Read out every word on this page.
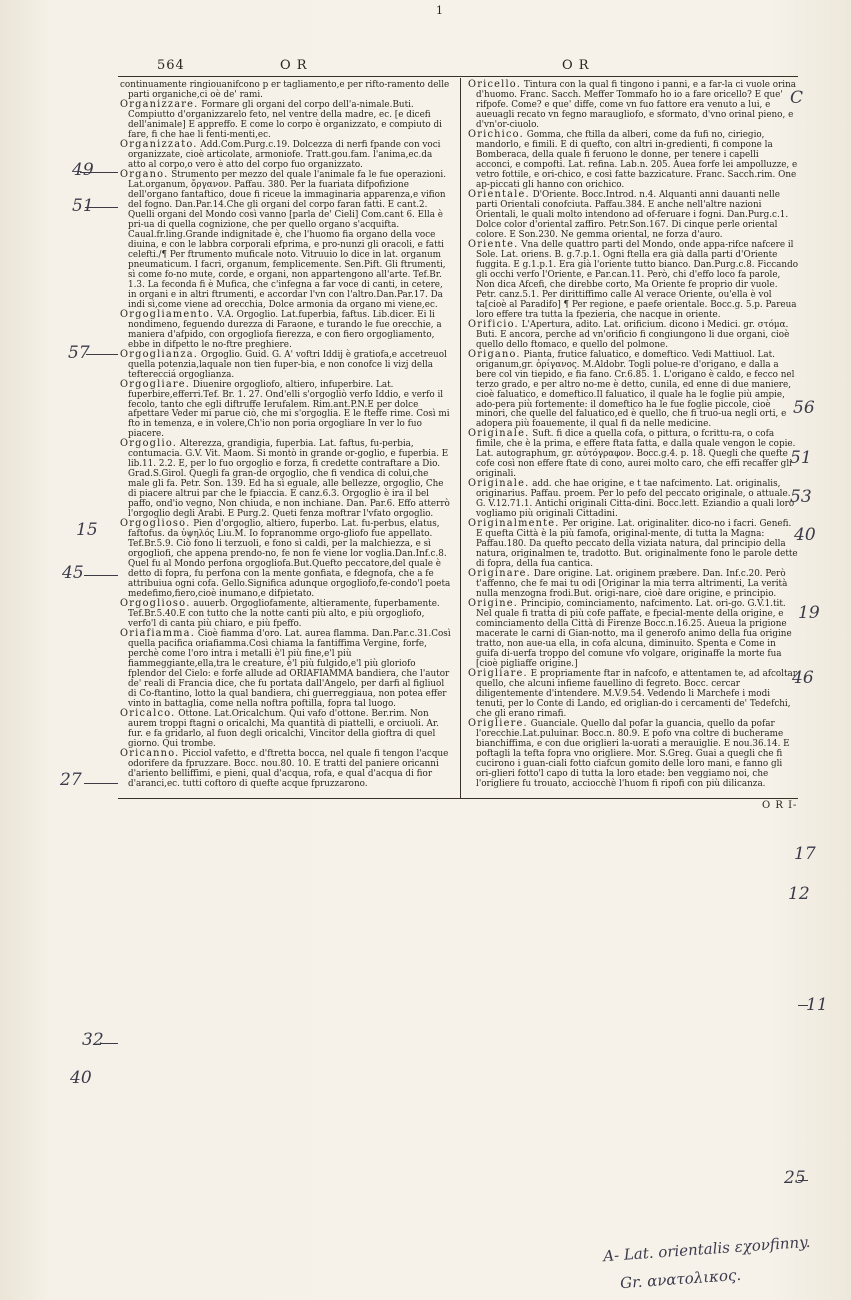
1
564	O R	O R

continuamente ringiouanifcono p er tagliamento,e per rifto-ramento delle parti organiche,ci oè de' rami.

Organizzare. Formare gli organi del corpo dell'a-nimale.Buti. Compiutto d'organizzarelo feto, nel ventre della madre, ec. [e dicefi dell'animale] E appreffo. E come lo corpo è organizzato, e compiuto di fare, fi che hae li fenti-menti,ec.

Organizzato. Add.Com.Purg.c.19. Dolcezza di nerfi fpande con voci organizzate, cioè articolate, armoniofe. Tratt.gou.fam. l'anima,ec.da atto al corpo,o vero è atto del corpo fuo organizzato.

Organo. Strumento per mezzo del quale l'animale fa le fue operazioni. Lat.organum, ὄργανον. Paffau. 380. Per la fuariata difpofizione dell'organo fantaftico, doue fi riceue la immaginaria apparenza,e vifion del fogno. Dan.Par.14.Che gli organi del corpo faran fatti. E cant.2. Quelli organi del Mondo così vanno [parla de' Cieli] Com.cant 6. Ella è pri-ua di quella cognizione, che per quello organo s'acquifta. Caual.fr.ling.Grande indignitade è, che l'huomo fia organo della voce diuina, e con le labbra corporali efprima, e pro-nunzi gli oracoli, e fatti celefti./¶ Per ftrumento muficale noto. Vitruuio lo dice in lat. organum pneumaticum. I facri, organum, femplicemente. Sen.Pift. Gli ftrumenti, sì come fo-no mute, corde, e organi, non appartengono all'arte. Tef.Br. 1.3. La feconda fi è Mufica, che c'infegna a far voce di canti, in cetere, in organi e in altri ftrumenti, e accordar l'vn con l'altro.Dan.Par.17. Da indi sì,come viene ad orecchia, Dolce armonia da organo mi viene,ec.

Orgogliamento. V.A. Orgoglio. Lat.fuperbia, faftus. Lib.dicer. Ei li nondimeno, feguendo durezza di Faraone, e turando le fue orecchie, a maniera d'afpido, con orgogliofa fierezza, e con fiero orgogliamento, ebbe in difpetto le no-ftre preghiere.

Orgoglianza. Orgoglio. Guid. G. A' voftri Iddij è gratiofa,e accetreuol quella potenzia,laquale non tien fuper-bia, e non conofce li vizj della tefterecciá orgoglianza.

Orgogliare. Diuenire orgogliofo, altiero, infuperbire. Lat. fuperbire,efferri.Tef. Br. 1. 27. Ond'elli s'orgogliò verfo Iddio, e verfo il fecolo, tanto che egli diftruffe Ierufalem. Rim.ant.P.N.E per dolce afpettare Veder mi parue ciò, che mi s'orgoglia. E le fteffe rime. Così mi fto in temenza, e in volere,Ch'io non poria orgogliare In ver lo fuo piacere.

Orgoglio. Alterezza, grandigia, fuperbia. Lat. faftus, fu-perbia, contumacia. G.V. Vit. Maom. Si montò in grande or-goglio, e fuperbia. E lib.11. 2.2. E, per lo fuo orgoglio e forza, fi credette contraftare a Dio. Grad.S.Girol. Quegli fa gran-de orgoglio, che fi vendica di colui,che male gli fa. Petr. Son. 139. Ed ha sì eguale, alle bellezze, orgoglio, Che di piacere altrui par che le fpiaccia. E canz.6.3. Orgoglio è ira il bel paffo, ond'io vegno, Non chiuda, e non inchiane. Dan. Par.6. Effo atterrò l'orgoglio degli Arabi. E Purg.2. Queti fenza moftrar l'vfato orgoglio.

Orgoglioso. Pien d'orgoglio, altiero, fuperbo. Lat. fu-perbus, elatus, faftofus. da ὑψηλός Liu.M. Io fopranomme orgo-gliofo fue appellato. Tef.Br.5.9. Ciò fono li terzuoli, e fono sì caldi, per la malchiezza, e sì orgogliofi, che appena prendo-no, fe non fe viene lor voglia.Dan.Inf.c.8. Quel fu al Mondo perfona orgogliofa.But.Quefto peccatore,del quale è detto di fopra, fu perfona con la mente gonfiata, e fdegnofa, che a fe attribuiua ogni cofa. Gello.Significa adunque orgogliofo,fe-condo'l poeta medefimo,fiero,cioè inumano,e difpietato.

Orgogliosо. auuerb. Orgogliofamente, altieramente, fuperbamente. Tef.Br.5.40.E con tutto che la notte canti più alto, e più orgogliofo, verfo'l di canta più chiaro, e più fpeffo.

Oriafiamma. Cioè fiamma d'oro. Lat. aurea flamma. Dan.Par.c.31.Così quella pacifica oriafiamma.Così chiama la fantiffima Vergine, forfe, perchè come l'oro intra i metalli è'l più fine,e'l più fiammeggiante,ella,tra le creature, è'l più fulgido,e'l più gloriofo fplendor del Cielo: e forfe allude ad ORIAFIAMMA bandiera, che l'autor de' reali di Francia dice, che fu portata dall'Angelo, per darfi al figliuol di Co-ftantino, lotto la qual bandiera, chi guerreggiaua, non potea effer vinto in battaglia, come nella noftra poftilla, fopra tal luogo.

Oricalco. Ottone. Lat.Oricalchum. Qui vafo d'ottone. Ber.rim. Non aurem troppi ftagni o oricalchi, Ma quantità di piattelli, e orciuoli. Ar. fur. e fa gridarlo, al fuon degli oricalchi, Vincitor della gioftra di quel giorno. Qui trombe.

Oricanno. Picciol vafetto, e d'ftretta bocca, nel quale fi tengon l'acque odorifere da fpruzzare. Bocc. nou.80. 10. E tratti del paniere oricanni d'ariento belliffimi, e pieni, qual d'acqua, rofa, e qual d'acqua di fior d'aranci,ec. tutti coftoro di quefte acque fpruzzarono.

Oricello. Tintura con la qual fi tingono i panni, e a far-la ci vuole orina d'huomo. Franc. Sacch. Meffer Tommafo ho io a fare oricello? E que' rifpofe. Come? e que' diffe, come vn fuo fattore era venuto a lui, e aueuagli recato vn fegno maraugliofo, e sformato, d'vno orinal pieno, e d'vn'or-ciuolo.

Orichico. Gomma, che ftilla da alberi, come da fufi no, ciriegio, mandorlo, e fimili. E di quefto, con altri in-gredienti, fi compone la Bomberaca, della quale fi feruono le donne, per tenere i capelli acconci, e compofti. Lat. refina. Lab.n. 205. Auea forfe lei ampolluzze, e vetro fottile, e ori-chico, e così fatte bazzicature. Franc. Sacch.rim. One ap-piccati gli hanno con orichico.

Orientale. D'Oriente. Bocc.Introd. n.4. Alquanti anni dauanti nelle parti Orientali conofciuta. Paffau.384. E anche nell'altre nazioni Orientali, le quali molto intendono ad of-feruare i fogni. Dan.Purg.c.1. Dolce color d'oriental zaffiro. Petr.Son.167. Di cinque perle oriental colore. E Son.230. Ne gemma oriental, ne forza d'auro.

Oriente. Vna delle quattro parti del Mondo, onde appa-rifce nafcere il Sole. Lat. oriens. B. g.7.p.1. Ogni ftella era già dalla parti d'Oriente fuggita. E g.1.p.1. Era già l'oriente tutto bianco. Dan.Purg.c.8. Ficcando gli occhi verfo l'Oriente, e Par.can.11. Però, chi d'effo loco fa parole, Non dica Afcefi, che direbbe corto, Ma Oriente fe proprio dir vuole. Petr. canz.5.1. Per dirittiffimo calle Al verace Oriente, ou'ella è vol ta[cioè al Paradifo] ¶ Per regione, e paefe orientale. Bocc.g. 5.p. Pareua loro effere tra tutta la fpezieria, che nacque in oriente.

Orificio. L'Apertura, adito. Lat. orificium. dicono i Medici. gr. στόμα. Buti. E ancora, perche ad vn'orificio fi congiungono li due organi, cioè quello dello ftomaco, e quello del polmone.

Origano. Pianta, frutice faluatico, e domeftico. Vedi Mattiuol. Lat. origanum,gr. ὀρίγανος. M.Aldobr. Togli polue-re d'origano, e dalla a bere col vin tiepido, e fia fano. Cr.6.85. 1. L'origano è caldo, e fecco nel terzo grado, e per altro no-me è detto, cunila, ed enne di due maniere, cioè faluatico, e domeftico.Il faluatico, il quale ha le foglie più ampie, ado-pera più fortemente: il domeftico ha le fue foglie piccole, cioè minori, che quelle del faluatico,ed è quello, che fi truo-ua negli orti, e adopera più foauemente, il qual fi da nelle medicine.

Originale. Suft. fi dice a quella cofa, o pittura, o fcrittu-ra, o cofa fimile, che è la prima, e effere ftata fatta, e dalla quale vengon le copie. Lat. autographum, gr. αὐτόγραφον. Bocc.g.4. p. 18. Quegli che quefte cofe così non effere ftate di cono, aurei molto caro, che effi recaffer gli originali.

Originale. add. che hae origine, e t tae nafcimento. Lat. originalis, originarius. Paffau. proem. Per lo pefo del peccato originale, o attuale. G. V.12.71.1. Antichi originali Citta-dini. Bocc.lett. Eziandio a quali loro vogliamo più originali Cittadini.

Originalmente. Per origine. Lat. originaliter. dico-no i facri. Genefi. E quefta Città è la più famofa, original-mente, di tutta la Magna: Paffau.180. Da quefto peccato della viziata natura, dal principio della natura, originalmen te, tradotto. But. originalmente fono le parole dette di fopra, della fua cantica.

Originare. Dare origine. Lat. originem præbere. Dan. Inf.c.20. Però t'affenno, che fe mai tu odi [Originar la mia terra altrimenti, La verità nulla menzogna frodi.But. origi-nare, cioè dare origine, e principio.

Origine. Principio, cominciamento, nafcimento. Lat. ori-go. G.V.1.tit. Nel quale fi tratta di più cofe paffate, e fpecial-mente della origine, e cominciamento della Città di Firenze Bocc.n.16.25. Aueua la prigione macerate le carni di Gian-notto, ma il generofo animo della fua origine tratto, non aue-ua ella, in cofa alcuna, diminuito. Spenta e Come in guifa di-uerfa troppo del comune vfo volgare, originaffe la morte fua [cioè pigliaffe origine.]

Origliare. E propriamente ftar in nafcofo, e attentamen te, ad afcoltar quello, che alcuni infieme fauellino di fegreto. Bocc. cercar diligentemente d'intendere. M.V.9.54. Vedendo li Marchefe i modi tenuti, per lo Conte di Lando, ed origlian-do i cercamenti de' Tedefchi, che gli erano rimafi.

Origliere. Guanciale. Quello dal pofar la guancia, quello da pofar l'orecchie.Lat.puluinar. Bocc.n. 80.9. E pofo vna coltre di bucherame bianchiffima, e con due origlieri la-uorati a merauiglie. E nou.36.14. E poftagli la tefta fopra vno origliere. Mor. S.Greg. Guai a quegli che fi cucirono i guan-ciali fotto ciafcun gomito delle loro mani, e fanno gli ori-glieri fotto'l capo di tutta la loro etade: ben veggiamo noi, che l'origliere fu trouato, acciocchè l'huom fi ripofi con più dilicanza.

O R I-
49
51
57
15
45
27
32
40
C
56
51
53
40
19
46
17
12
11
25
A- Lat. orientalis εχονfinny.
Gr. ανατολικος.
